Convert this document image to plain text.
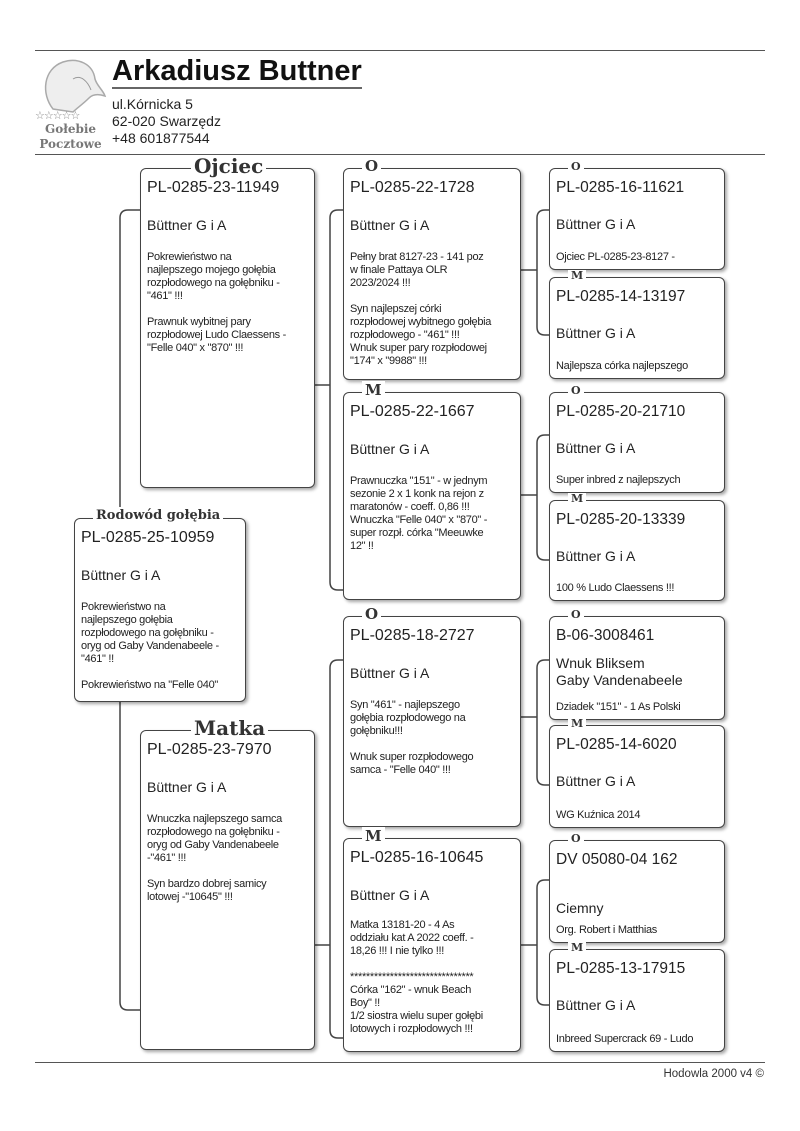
☆☆☆☆☆
Gołebie
Pocztowe
Arkadiusz Buttner
ul.Kórnicka 5
62-020 Swarzędz
+48 601877544
Rodowód gołębia
PL-0285-25-10959
Büttner G i A
Pokrewieństwo na
najlepszego gołębia
rozpłodowego na gołębniku -
oryg od Gaby Vandenabeele -
"461" !!

Pokrewieństwo na "Felle 040"
Ojciec
PL-0285-23-11949
Büttner G i A
Pokrewieństwo na
najlepszego mojego gołębia
rozpłodowego na gołębniku -
"461" !!!

Prawnuk wybitnej pary
rozpłodowej Ludo Claessens -
"Felle 040" x "870" !!!
Matka
PL-0285-23-7970
Büttner G i A
Wnuczka najlepszego samca
rozpłodowego na gołębniku -
oryg od Gaby Vandenabeele
-"461" !!!

Syn bardzo dobrej samicy
lotowej -"10645" !!!
O
PL-0285-22-1728
Büttner G i A
Pełny brat 8127-23 - 141 poz
w finale Pattaya OLR
2023/2024 !!!

Syn najlepszej córki
rozpłodowej wybitnego gołębia
rozpłodowego - "461" !!!
Wnuk super pary rozpłodowej
"174" x "9988" !!!
M
PL-0285-22-1667
Büttner G i A
Prawnuczka "151" - w jednym
sezonie 2 x 1 konk na rejon z
maratonów - coeff. 0,86 !!!
Wnuczka "Felle 040" x "870" -
super rozpł. córka "Meeuwke
12" !!
O
PL-0285-18-2727
Büttner G i A
Syn "461" - najlepszego
gołębia rozpłodowego na
gołębniku!!!

Wnuk super rozpłodowego
samca - "Felle 040" !!!
M
PL-0285-16-10645
Büttner G i A
Matka 13181-20 - 4 As
oddziału kat A 2022 coeff. -
18,26 !!! I nie tylko !!!

*******************************
Córka "162" - wnuk Beach
Boy" !!
1/2 siostra wielu super gołębi
lotowych i rozpłodowych !!!
O
PL-0285-16-11621
Büttner G i A
Ojciec PL-0285-23-8127 -
M
PL-0285-14-13197
Büttner G i A
Najlepsza córka najlepszego
O
PL-0285-20-21710
Büttner G i A
Super inbred z najlepszych
M
PL-0285-20-13339
Büttner G i A
100 % Ludo Claessens !!!
O
B-06-3008461
Wnuk Bliksem
Gaby Vandenabeele
Dziadek "151" - 1 As Polski
M
PL-0285-14-6020
Büttner G i A
WG Kuźnica 2014
O
DV 05080-04 162

Ciemny
Org. Robert i Matthias
M
PL-0285-13-17915
Büttner G i A
Inbreed Supercrack 69 - Ludo
Hodowla 2000 v4 ©
